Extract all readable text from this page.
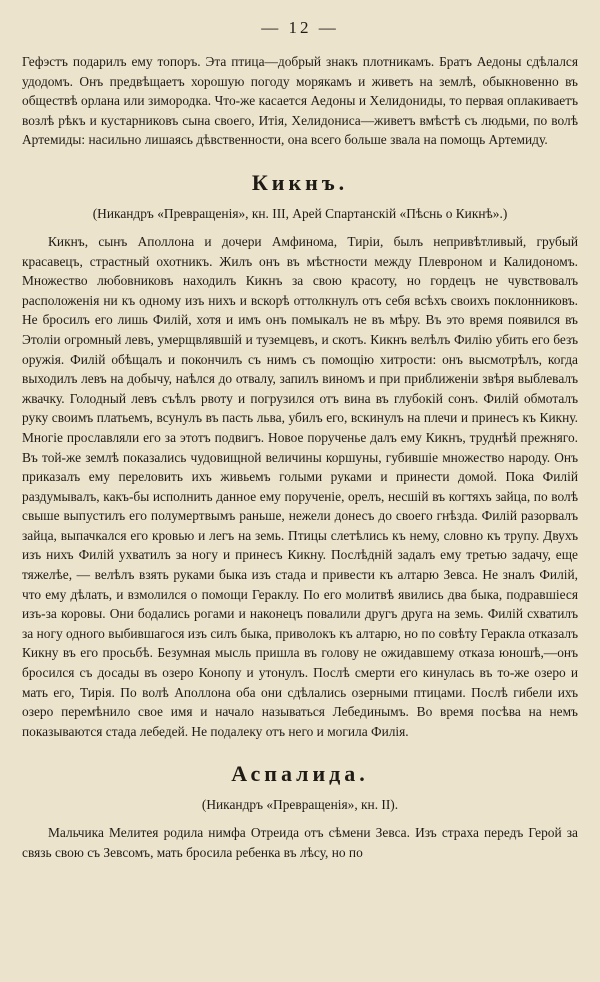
— 12 —

Гефэстъ подарилъ ему топоръ. Эта птица—добрый знакъ плотникамъ. Братъ Аедоны сдѣлался удодомъ. Онъ предвѣщаетъ хорошую погоду морякамъ и живетъ на землѣ, обыкновенно въ обществѣ орлана или зимородка. Что-же касается Аедоны и Хелидониды, то первая оплакиваетъ возлѣ рѣкъ и кустарниковъ сына своего, Итія, Хелидониса—живетъ вмѣстѣ съ людьми, по волѣ Артемиды: насильно лишаясь дѣвственности, она всего больше звала на помощь Артемиду.

Кикнъ.
(Никандръ «Превращенія», кн. III, Арей Спартанскій «Пѣснь о Кикнѣ».)

Кикнъ, сынъ Аполлона и дочери Амфинома, Тиріи, былъ непривѣтливый, грубый красавецъ, страстный охотникъ. Жилъ онъ въ мѣстности между Плевроном и Калидономъ. Множество любовниковъ находилъ Кикнъ за свою красоту, но гордецъ не чувствовалъ расположенія ни къ одному изъ нихъ и вскорѣ оттолкнулъ отъ себя всѣхъ своихъ поклонниковъ. Не бросилъ его лишь Филій, хотя и имъ онъ помыкалъ не въ мѣру. Въ это время появился въ Этоліи огромный левъ, умерщвлявшій и туземцевъ, и скотъ. Кикнъ велѣлъ Филію убить его безъ оружія. Филій обѣщалъ и покончилъ съ нимъ съ помощію хитрости: онъ высмотрѣлъ, когда выходилъ левъ на добычу, наѣлся до отвалу, запилъ виномъ и при приближеніи звѣря выблевалъ жвачку. Голодный левъ съѣлъ рвоту и погрузился отъ вина въ глубокій сонъ. Филій обмоталъ руку своимъ платьемъ, всунулъ въ пасть льва, убилъ его, вскинулъ на плечи и принесъ къ Кикну. Многіе прославляли его за этотъ подвигъ. Новое порученье далъ ему Кикнъ, труднѣй прежняго. Въ той-же землѣ показались чудовищной величины коршуны, губившіе множество народу. Онъ приказалъ ему переловить ихъ живьемъ голыми руками и принести домой. Пока Филій раздумывалъ, какъ-бы исполнить данное ему порученіе, орелъ, несшій въ когтяхъ зайца, по волѣ свыше выпустилъ его полумертвымъ раньше, нежели донесъ до своего гнѣзда. Филій разорвалъ зайца, выпачкался его кровью и легъ на земь. Птицы слетѣлись къ нему, словно къ трупу. Двухъ изъ нихъ Филій ухватилъ за ногу и принесъ Кикну. Послѣдній задалъ ему третью задачу, еще тяжелѣе, — велѣлъ взять руками быка изъ стада и привести къ алтарю Зевса. Не зналъ Филій, что ему дѣлать, и взмолился о помощи Гераклу. По его молитвѣ явились два быка, подравшіеся изъ-за коровы. Они бодались рогами и наконецъ повалили другъ друга на земь. Филій схватилъ за ногу одного выбившагося изъ силъ быка, приволокъ къ алтарю, но по совѣту Геракла отказалъ Кикну въ его просьбѣ. Безумная мысль пришла въ голову не ожидавшему отказа юношѣ,—онъ бросился съ досады въ озеро Конопу и утонулъ. Послѣ смерти его кинулась въ то-же озеро и мать его, Тирія. По волѣ Аполлона оба они сдѣлались озерными птицами. Послѣ гибели ихъ озеро перемѣнило свое имя и начало называться Лебединымъ. Во время посѣва на немъ показываются стада лебедей. Не подалеку отъ него и могила Филія.

Аспалида.
(Никандръ «Превращенія», кн. II).

Мальчика Мелитея родила нимфа Отреида отъ сѣмени Зевса. Изъ страха передъ Герой за связь свою съ Зевсомъ, мать бросила ребенка въ лѣсу, но по
